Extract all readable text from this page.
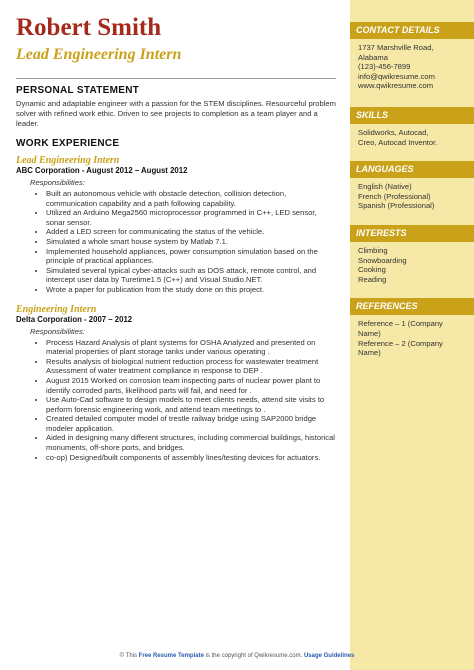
Robert Smith
Lead Engineering Intern
PERSONAL STATEMENT

Dynamic and adaptable engineer with a passion for the STEM disciplines. Resourceful problem solver with refined work ethic. Driven to see projects to completion as a team player and a leader.

WORK EXPERIENCE
Lead Engineering Intern
ABC Corporation - August 2012 – August 2012
Responsibilities:
• Built an autonomous vehicle with obstacle detection, collision detection, communication capability and a path following capability.
• Utilized an Arduino Mega2560 microprocessor programmed in C++, LED sensor, sonar sensor.
• Added a LED screen for communicating the status of the vehicle.
• Simulated a whole smart house system by Matlab 7.1.
• Implemented household appliances, power consumption simulation based on the principle of practical appliances.
• Simulated several typical cyber-attacks such as DOS attack, remote control, and intercept user data by Turetime1.5 (C++) and Visual Studio.NET.
• Wrote a paper for publication from the study done on this project.
Engineering Intern
Delta Corporation - 2007 – 2012
Responsibilities:
• Process Hazard Analysis of plant systems for OSHA Analyzed and presented on material properties of plant storage tanks under various operating .
• Results analysis of biological nutrient reduction process for wastewater treatment Assessment of water treatment compliance in response to DEP .
• August 2015 Worked on corrosion team inspecting parts of nuclear power plant to identify corroded parts, likelihood parts will fail, and need for .
• Use Auto-Cad software to design models to meet clients needs, attend site visits to perform forensic engineering work, and attend team meetings to .
• Created detailed computer model of trestle railway bridge using SAP2000 bridge modeler application.
• Aided in designing many different structures, including commercial buildings, historical monuments, off-shore ports, and bridges.
• co-op) Designed/built components of assembly lines/testing devices for actuators.
CONTACT DETAILS
1737 Marshville Road,
Alabama
(123)-456-7899
info@qwikresume.com
www.qwikresume.com
SKILLS
Solidworks, Autocad,
Creo, Autocad Inventor.
LANGUAGES
English (Native)
French (Professional)
Spanish (Professional)
INTERESTS
Climbing
Snowboarding
Cooking
Reading
REFERENCES
Reference – 1 (Company
Name)
Reference – 2 (Company
Name)
© This Free Resume Template is the copyright of Qwikresume.com. Usage Guidelines
